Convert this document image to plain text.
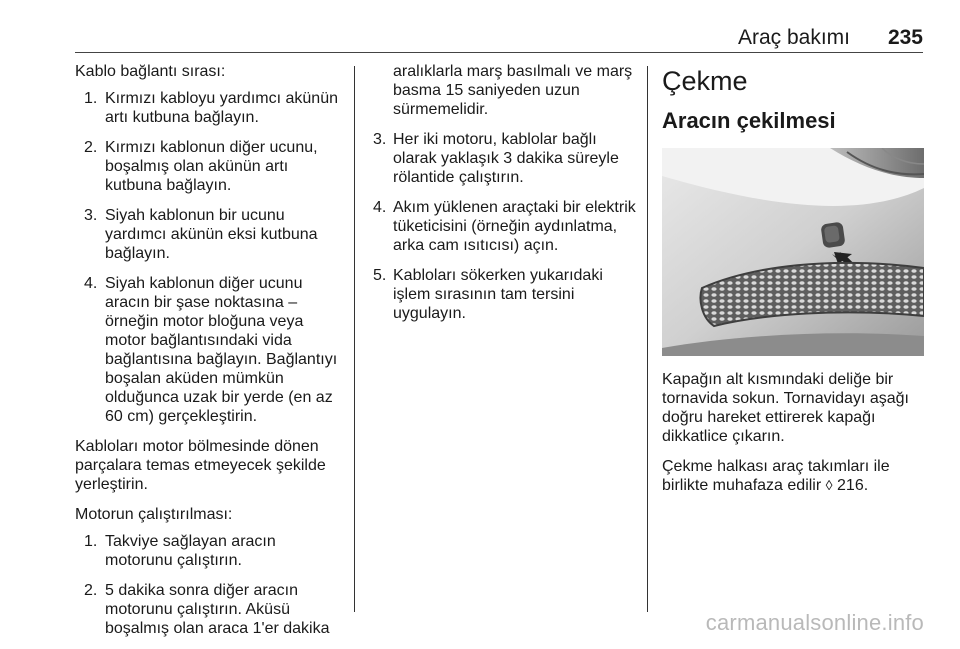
Araç bakımı 235

Kablo bağlantı sırası:

1. Kırmızı kabloyu yardımcı akünün artı kutbuna bağlayın.
2. Kırmızı kablonun diğer ucunu, boşalmış olan akünün artı kutbuna bağlayın.
3. Siyah kablonun bir ucunu yardımcı akünün eksi kutbuna bağlayın.
4. Siyah kablonun diğer ucunu aracın bir şase noktasına – örneğin motor bloğuna veya motor bağlantısındaki vida bağlantısına bağlayın. Bağlantıyı boşalan aküden mümkün olduğunca uzak bir yerde (en az 60 cm) gerçekleştirin.

Kabloları motor bölmesinde dönen parçalara temas etmeyecek şekilde yerleştirin.

Motorun çalıştırılması:

1. Takviye sağlayan aracın motorunu çalıştırın.
2. 5 dakika sonra diğer aracın motorunu çalıştırın. Aküsü boşalmış olan araca 1'er dakika
aralıklarla marş basılmalı ve marş basma 15 saniyeden uzun sürmemelidir.
3. Her iki motoru, kablolar bağlı olarak yaklaşık 3 dakika süreyle rölantide çalıştırın.
4. Akım yüklenen araçtaki bir elektrik tüketicisini (örneğin aydınlatma, arka cam ısıtıcısı) açın.
5. Kabloları sökerken yukarıdaki işlem sırasının tam tersini uygulayın.
Çekme
Aracın çekilmesi

Kapağın alt kısmındaki deliğe bir tornavida sokun. Tornavidayı aşağı doğru hareket ettirerek kapağı dikkatlice çıkarın.

Çekme halkası araç takımları ile birlikte muhafaza edilir ◊ 216.

carmanualsonline.info
